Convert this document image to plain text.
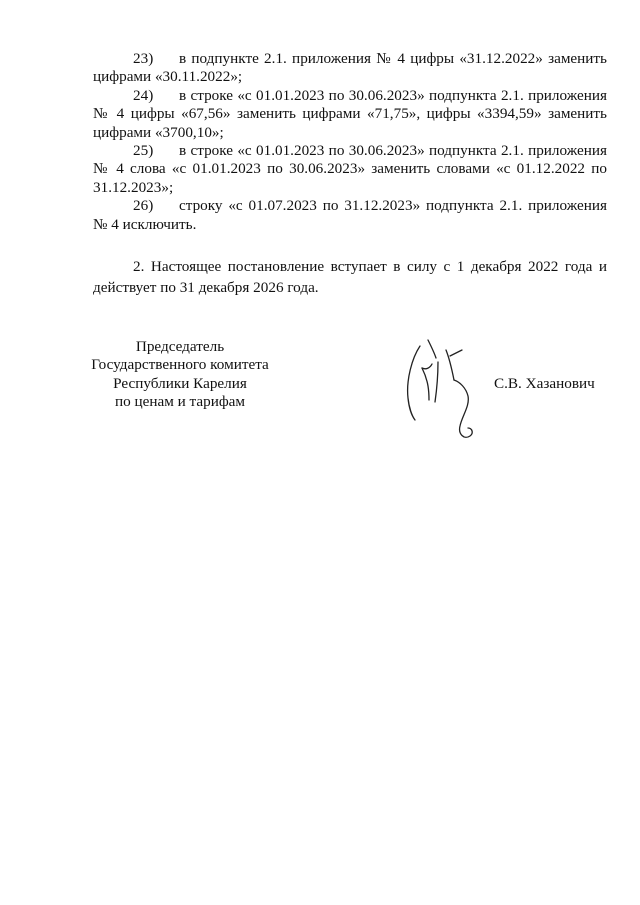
23) в подпункте 2.1. приложения № 4 цифры «31.12.2022» заменить цифрами «30.11.2022»;

24) в строке «с 01.01.2023 по 30.06.2023» подпункта 2.1. приложения № 4 цифры «67,56» заменить цифрами «71,75», цифры «3394,59» заменить цифрами «3700,10»;

25) в строке «с 01.01.2023 по 30.06.2023» подпункта 2.1. приложения № 4 слова «с 01.01.2023 по 30.06.2023» заменить словами «с 01.12.2022 по 31.12.2023»;

26) строку «с 01.07.2023 по 31.12.2023» подпункта 2.1. приложения № 4 исключить.

2. Настоящее постановление вступает в силу с 1 декабря 2022 года и действует по 31 декабря 2026 года.

Председатель
Государственного комитета
Республики Карелия
по ценам и тарифам
С.В. Хазанович
